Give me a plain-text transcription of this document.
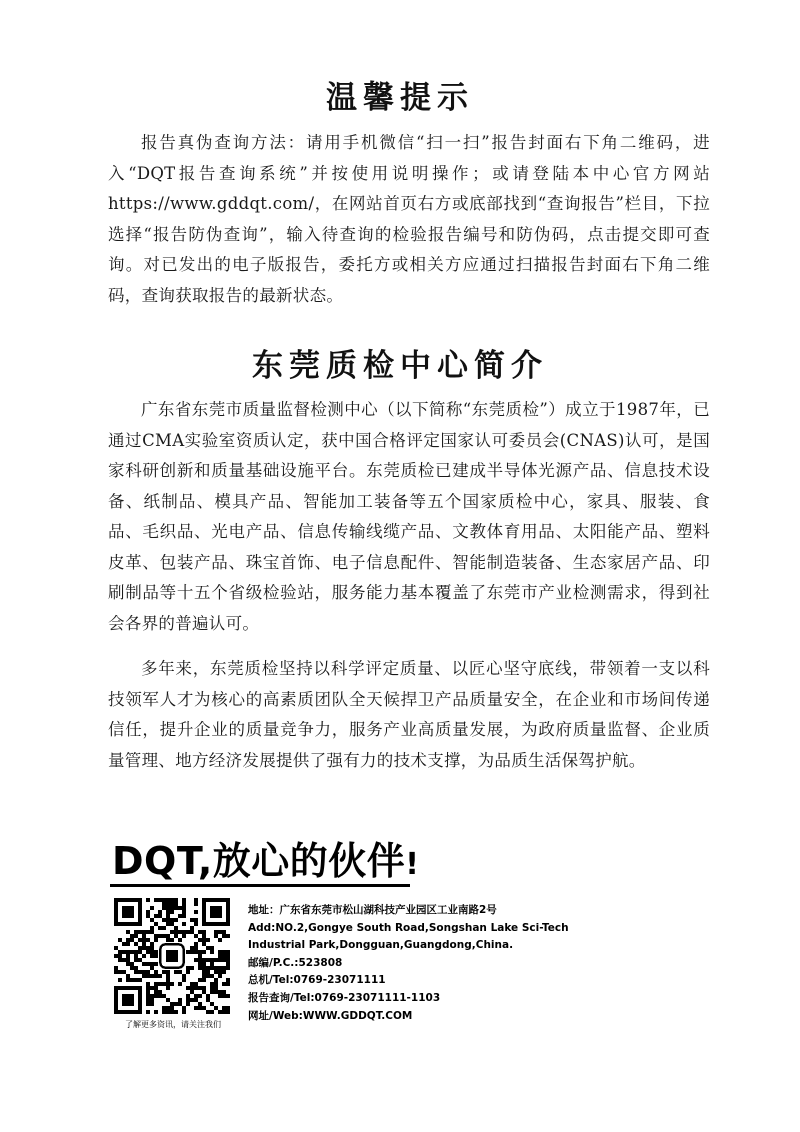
温馨提示

报告真伪查询方法：请用手机微信“扫一扫”报告封面右下角二维码，进入“DQT报告查询系统”并按使用说明操作；或请登陆本中心官方网站https://www.gddqt.com/，在网站首页右方或底部找到“查询报告”栏目，下拉选择“报告防伪查询”，输入待查询的检验报告编号和防伪码，点击提交即可查询。对已发出的电子版报告，委托方或相关方应通过扫描报告封面右下角二维码，查询获取报告的最新状态。

东莞质检中心简介

广东省东莞市质量监督检测中心（以下简称“东莞质检”）成立于1987年，已通过CMA实验室资质认定，获中国合格评定国家认可委员会(CNAS)认可，是国家科研创新和质量基础设施平台。东莞质检已建成半导体光源产品、信息技术设备、纸制品、模具产品、智能加工装备等五个国家质检中心，家具、服装、食品、毛织品、光电产品、信息传输线缆产品、文教体育用品、太阳能产品、塑料皮革、包装产品、珠宝首饰、电子信息配件、智能制造装备、生态家居产品、印刷制品等十五个省级检验站，服务能力基本覆盖了东莞市产业检测需求，得到社会各界的普遍认可。

多年来，东莞质检坚持以科学评定质量、以匠心坚守底线，带领着一支以科技领军人才为核心的高素质团队全天候捍卫产品质量安全，在企业和市场间传递信任，提升企业的质量竞争力，服务产业高质量发展，为政府质量监督、企业质量管理、地方经济发展提供了强有力的技术支撑，为品质生活保驾护航。

DQT,放心的伙伴!

了解更多资讯，请关注我们

地址：广东省东莞市松山湖科技产业园区工业南路2号
Add:NO.2,Gongye South Road,Songshan Lake Sci-Tech
Industrial Park,Dongguan,Guangdong,China.
邮编/P.C.:523808
总机/Tel:0769-23071111
报告查询/Tel:0769-23071111-1103
网址/Web:WWW.GDDQT.COM
